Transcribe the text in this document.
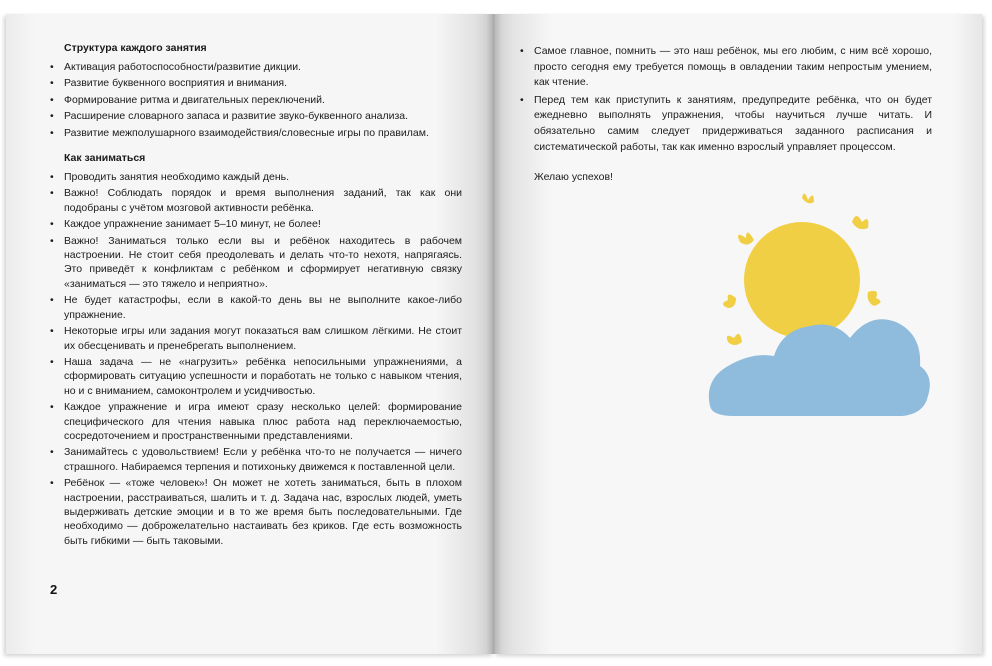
Структура каждого занятия
• Активация работоспособности/развитие дикции.
• Развитие буквенного восприятия и внимания.
• Формирование ритма и двигательных переключений.
• Расширение словарного запаса и развитие звуко-буквенного анализа.
• Развитие межполушарного взаимодействия/словесные игры по правилам.
Как заниматься
• Проводить занятия необходимо каждый день.
• Важно! Соблюдать порядок и время выполнения заданий, так как они подобраны с учётом мозговой активности ребёнка.
• Каждое упражнение занимает 5–10 минут, не более!
• Важно! Заниматься только если вы и ребёнок находитесь в рабочем настроении. Не стоит себя преодолевать и делать что-то нехотя, напрягаясь. Это приведёт к конфликтам с ребёнком и сформирует негативную связку «заниматься — это тяжело и неприятно».
• Не будет катастрофы, если в какой-то день вы не выполните какое-либо упражнение.
• Некоторые игры или задания могут показаться вам слишком лёгкими. Не стоит их обесценивать и пренебрегать выполнением.
• Наша задача — не «нагрузить» ребёнка непосильными упражнениями, а сформировать ситуацию успешности и поработать не только с навыком чтения, но и с вниманием, самоконтролем и усидчивостью.
• Каждое упражнение и игра имеют сразу несколько целей: формирование специфического для чтения навыка плюс работа над переключаемостью, сосредоточением и пространственными представлениями.
• Занимайтесь с удовольствием! Если у ребёнка что-то не получается — ничего страшного. Набираемся терпения и потихоньку движемся к поставленной цели.
• Ребёнок — «тоже человек»! Он может не хотеть заниматься, быть в плохом настроении, расстраиваться, шалить и т. д. Задача нас, взрослых людей, уметь выдерживать детские эмоции и в то же время быть последовательными. Где необходимо — доброжелательно настаивать без криков. Где есть возможность быть гибкими — быть таковыми.
2
• Самое главное, помнить — это наш ребёнок, мы его любим, с ним всё хорошо, просто сегодня ему требуется помощь в овладении таким непростым умением, как чтение.
• Перед тем как приступить к занятиям, предупредите ребёнка, что он будет ежедневно выполнять упражнения, чтобы научиться лучше читать. И обязательно самим следует придерживаться заданного расписания и систематической работы, так как именно взрослый управляет процессом.
Желаю успехов!
